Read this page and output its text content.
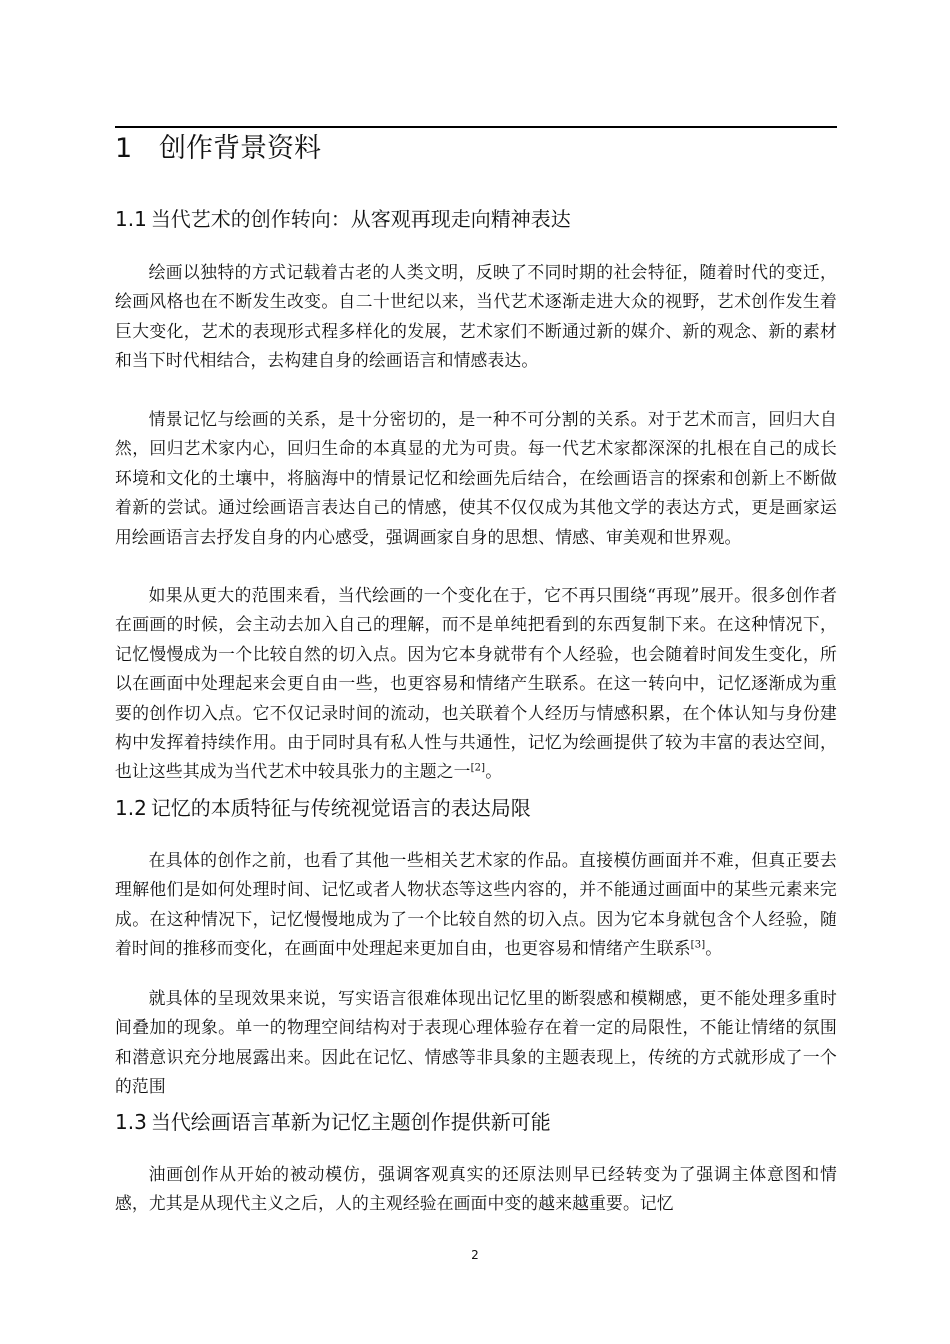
1 创作背景资料
1.1 当代艺术的创作转向：从客观再现走向精神表达

绘画以独特的方式记载着古老的人类文明，反映了不同时期的社会特征，随着时代的变迁，绘画风格也在不断发生改变。自二十世纪以来，当代艺术逐渐走进大众的视野，艺术创作发生着巨大变化，艺术的表现形式程多样化的发展，艺术家们不断通过新的媒介、新的观念、新的素材和当下时代相结合，去构建自身的绘画语言和情感表达。

情景记忆与绘画的关系，是十分密切的，是一种不可分割的关系。对于艺术而言，回归大自然，回归艺术家内心，回归生命的本真显的尤为可贵。每一代艺术家都深深的扎根在自己的成长环境和文化的土壤中，将脑海中的情景记忆和绘画先后结合，在绘画语言的探索和创新上不断做着新的尝试。通过绘画语言表达自己的情感，使其不仅仅成为其他文学的表达方式，更是画家运用绘画语言去抒发自身的内心感受，强调画家自身的思想、情感、审美观和世界观。

如果从更大的范围来看，当代绘画的一个变化在于，它不再只围绕“再现”展开。很多创作者在画画的时候，会主动去加入自己的理解，而不是单纯把看到的东西复制下来。在这种情况下，记忆慢慢成为一个比较自然的切入点。因为它本身就带有个人经验，也会随着时间发生变化，所以在画面中处理起来会更自由一些，也更容易和情绪产生联系。在这一转向中，记忆逐渐成为重要的创作切入点。它不仅记录时间的流动，也关联着个人经历与情感积累，在个体认知与身份建构中发挥着持续作用。由于同时具有私人性与共通性，记忆为绘画提供了较为丰富的表达空间，也让这些其成为当代艺术中较具张力的主题之一[2]。

1.2 记忆的本质特征与传统视觉语言的表达局限

在具体的创作之前，也看了其他一些相关艺术家的作品。直接模仿画面并不难，但真正要去理解他们是如何处理时间、记忆或者人物状态等这些内容的，并不能通过画面中的某些元素来完成。在这种情况下，记忆慢慢地成为了一个比较自然的切入点。因为它本身就包含个人经验，随着时间的推移而变化，在画面中处理起来更加自由，也更容易和情绪产生联系[3]。

就具体的呈现效果来说，写实语言很难体现出记忆里的断裂感和模糊感，更不能处理多重时间叠加的现象。单一的物理空间结构对于表现心理体验存在着一定的局限性，不能让情绪的氛围和潜意识充分地展露出来。因此在记忆、情感等非具象的主题表现上，传统的方式就形成了一个的范围

1.3 当代绘画语言革新为记忆主题创作提供新可能

油画创作从开始的被动模仿，强调客观真实的还原法则早已经转变为了强调主体意图和情感，尤其是从现代主义之后，人的主观经验在画面中变的越来越重要。记忆

2
